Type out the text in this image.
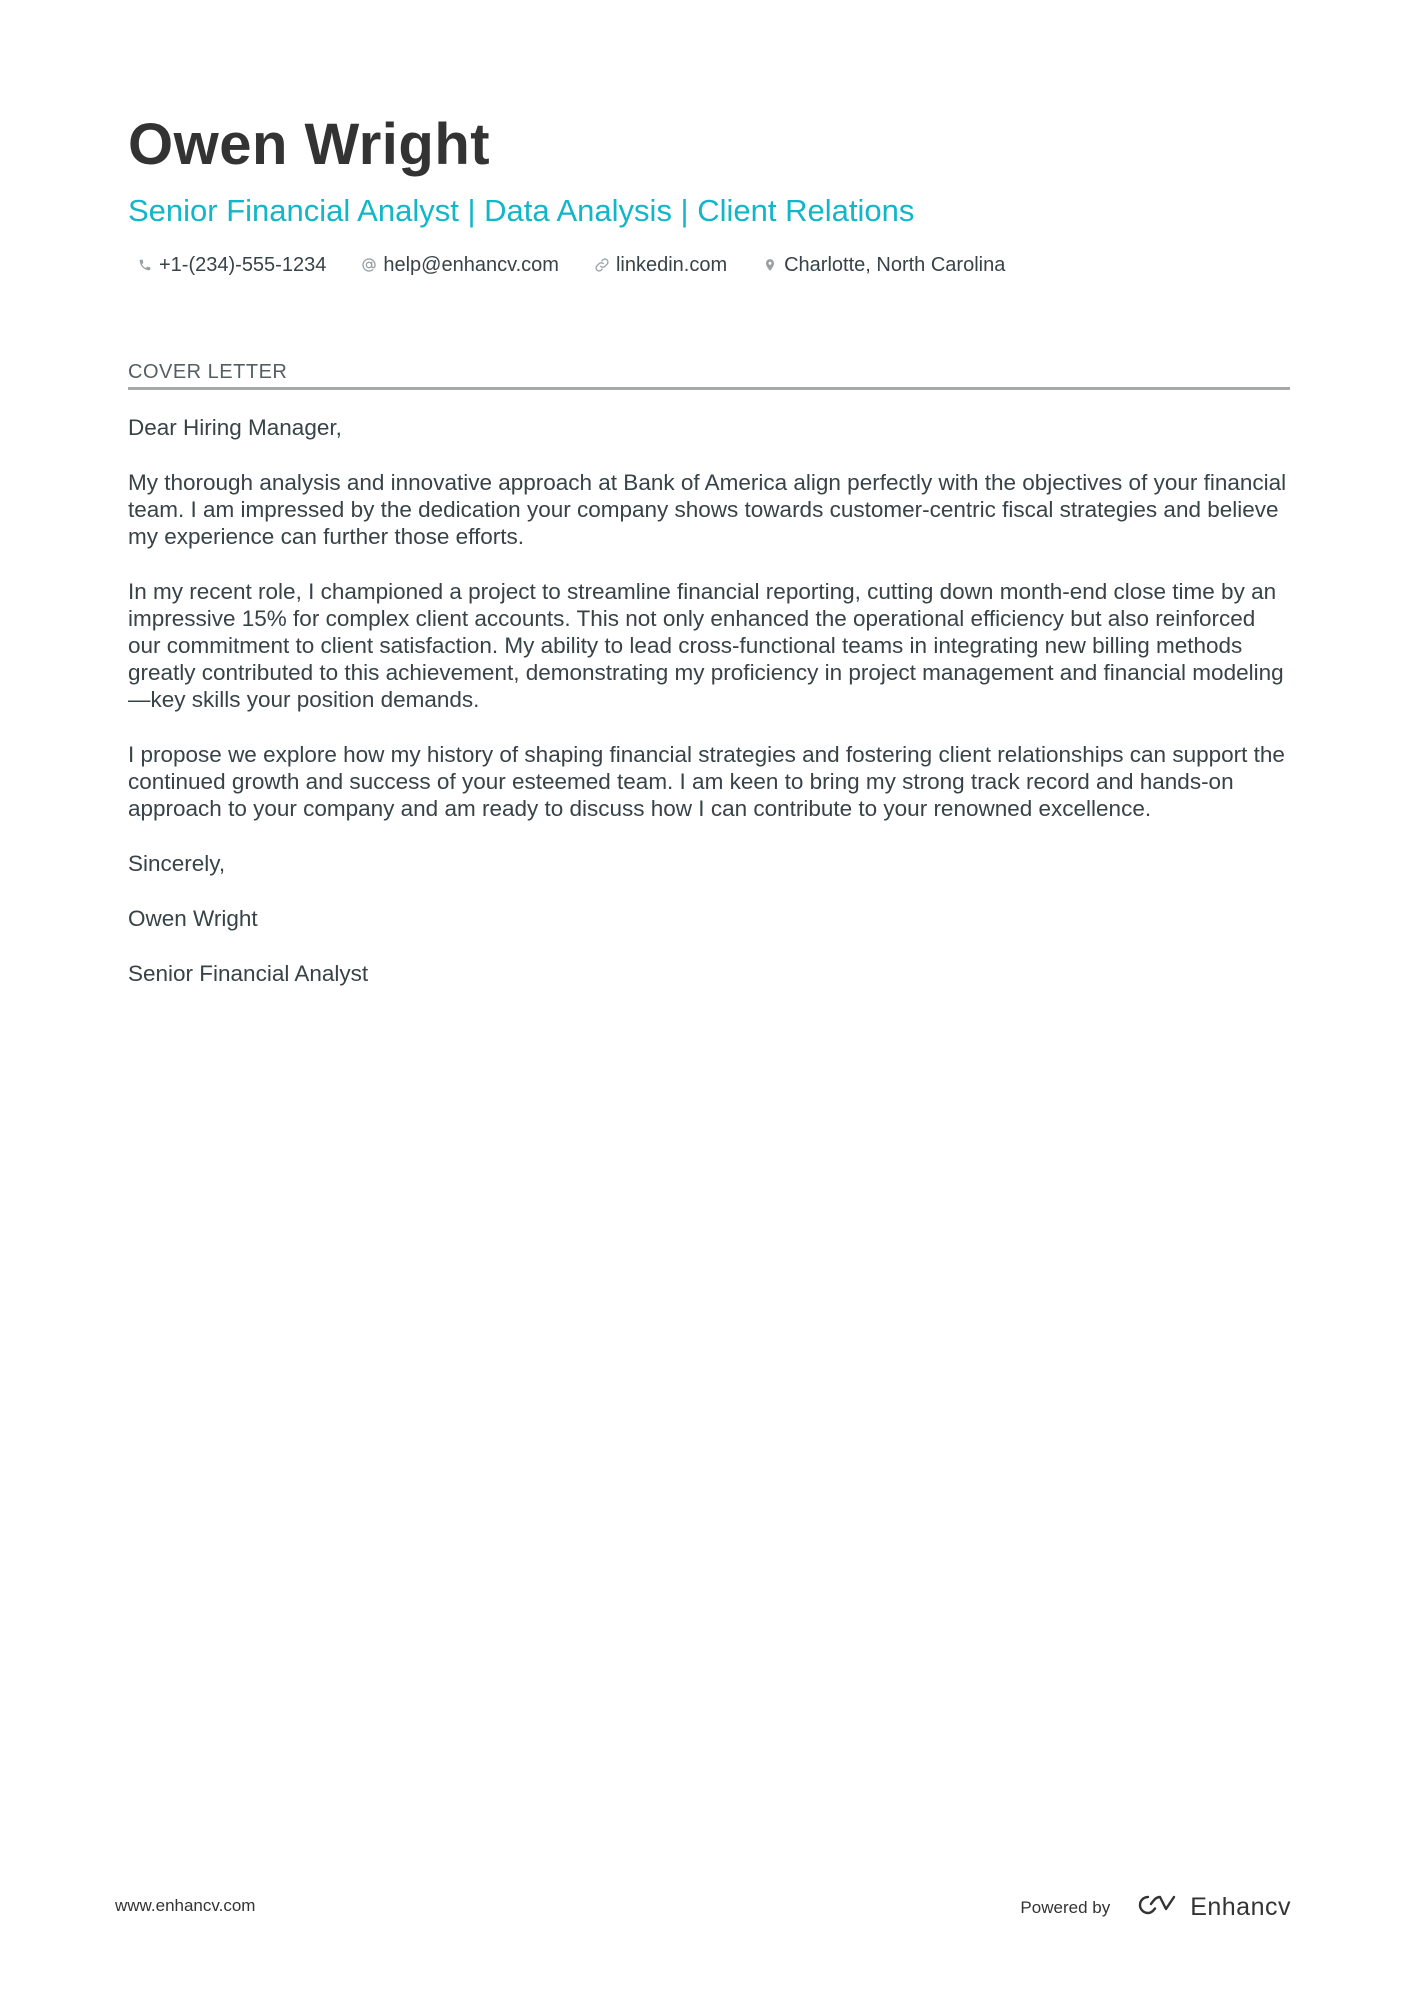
Owen Wright
Senior Financial Analyst | Data Analysis | Client Relations
+1-(234)-555-1234	help@enhancv.com	linkedin.com	Charlotte, North Carolina
COVER LETTER

Dear Hiring Manager,

My thorough analysis and innovative approach at Bank of America align perfectly with the objectives of your financial team. I am impressed by the dedication your company shows towards customer-centric fiscal strategies and believe my experience can further those efforts.

In my recent role, I championed a project to streamline financial reporting, cutting down month-end close time by an impressive 15% for complex client accounts. This not only enhanced the operational efficiency but also reinforced our commitment to client satisfaction. My ability to lead cross-functional teams in integrating new billing methods greatly contributed to this achievement, demonstrating my proficiency in project management and financial modeling—key skills your position demands.

I propose we explore how my history of shaping financial strategies and fostering client relationships can support the continued growth and success of your esteemed team. I am keen to bring my strong track record and hands-on approach to your company and am ready to discuss how I can contribute to your renowned excellence.

Sincerely,

Owen Wright

Senior Financial Analyst

www.enhancv.com	Powered by	Enhancv
